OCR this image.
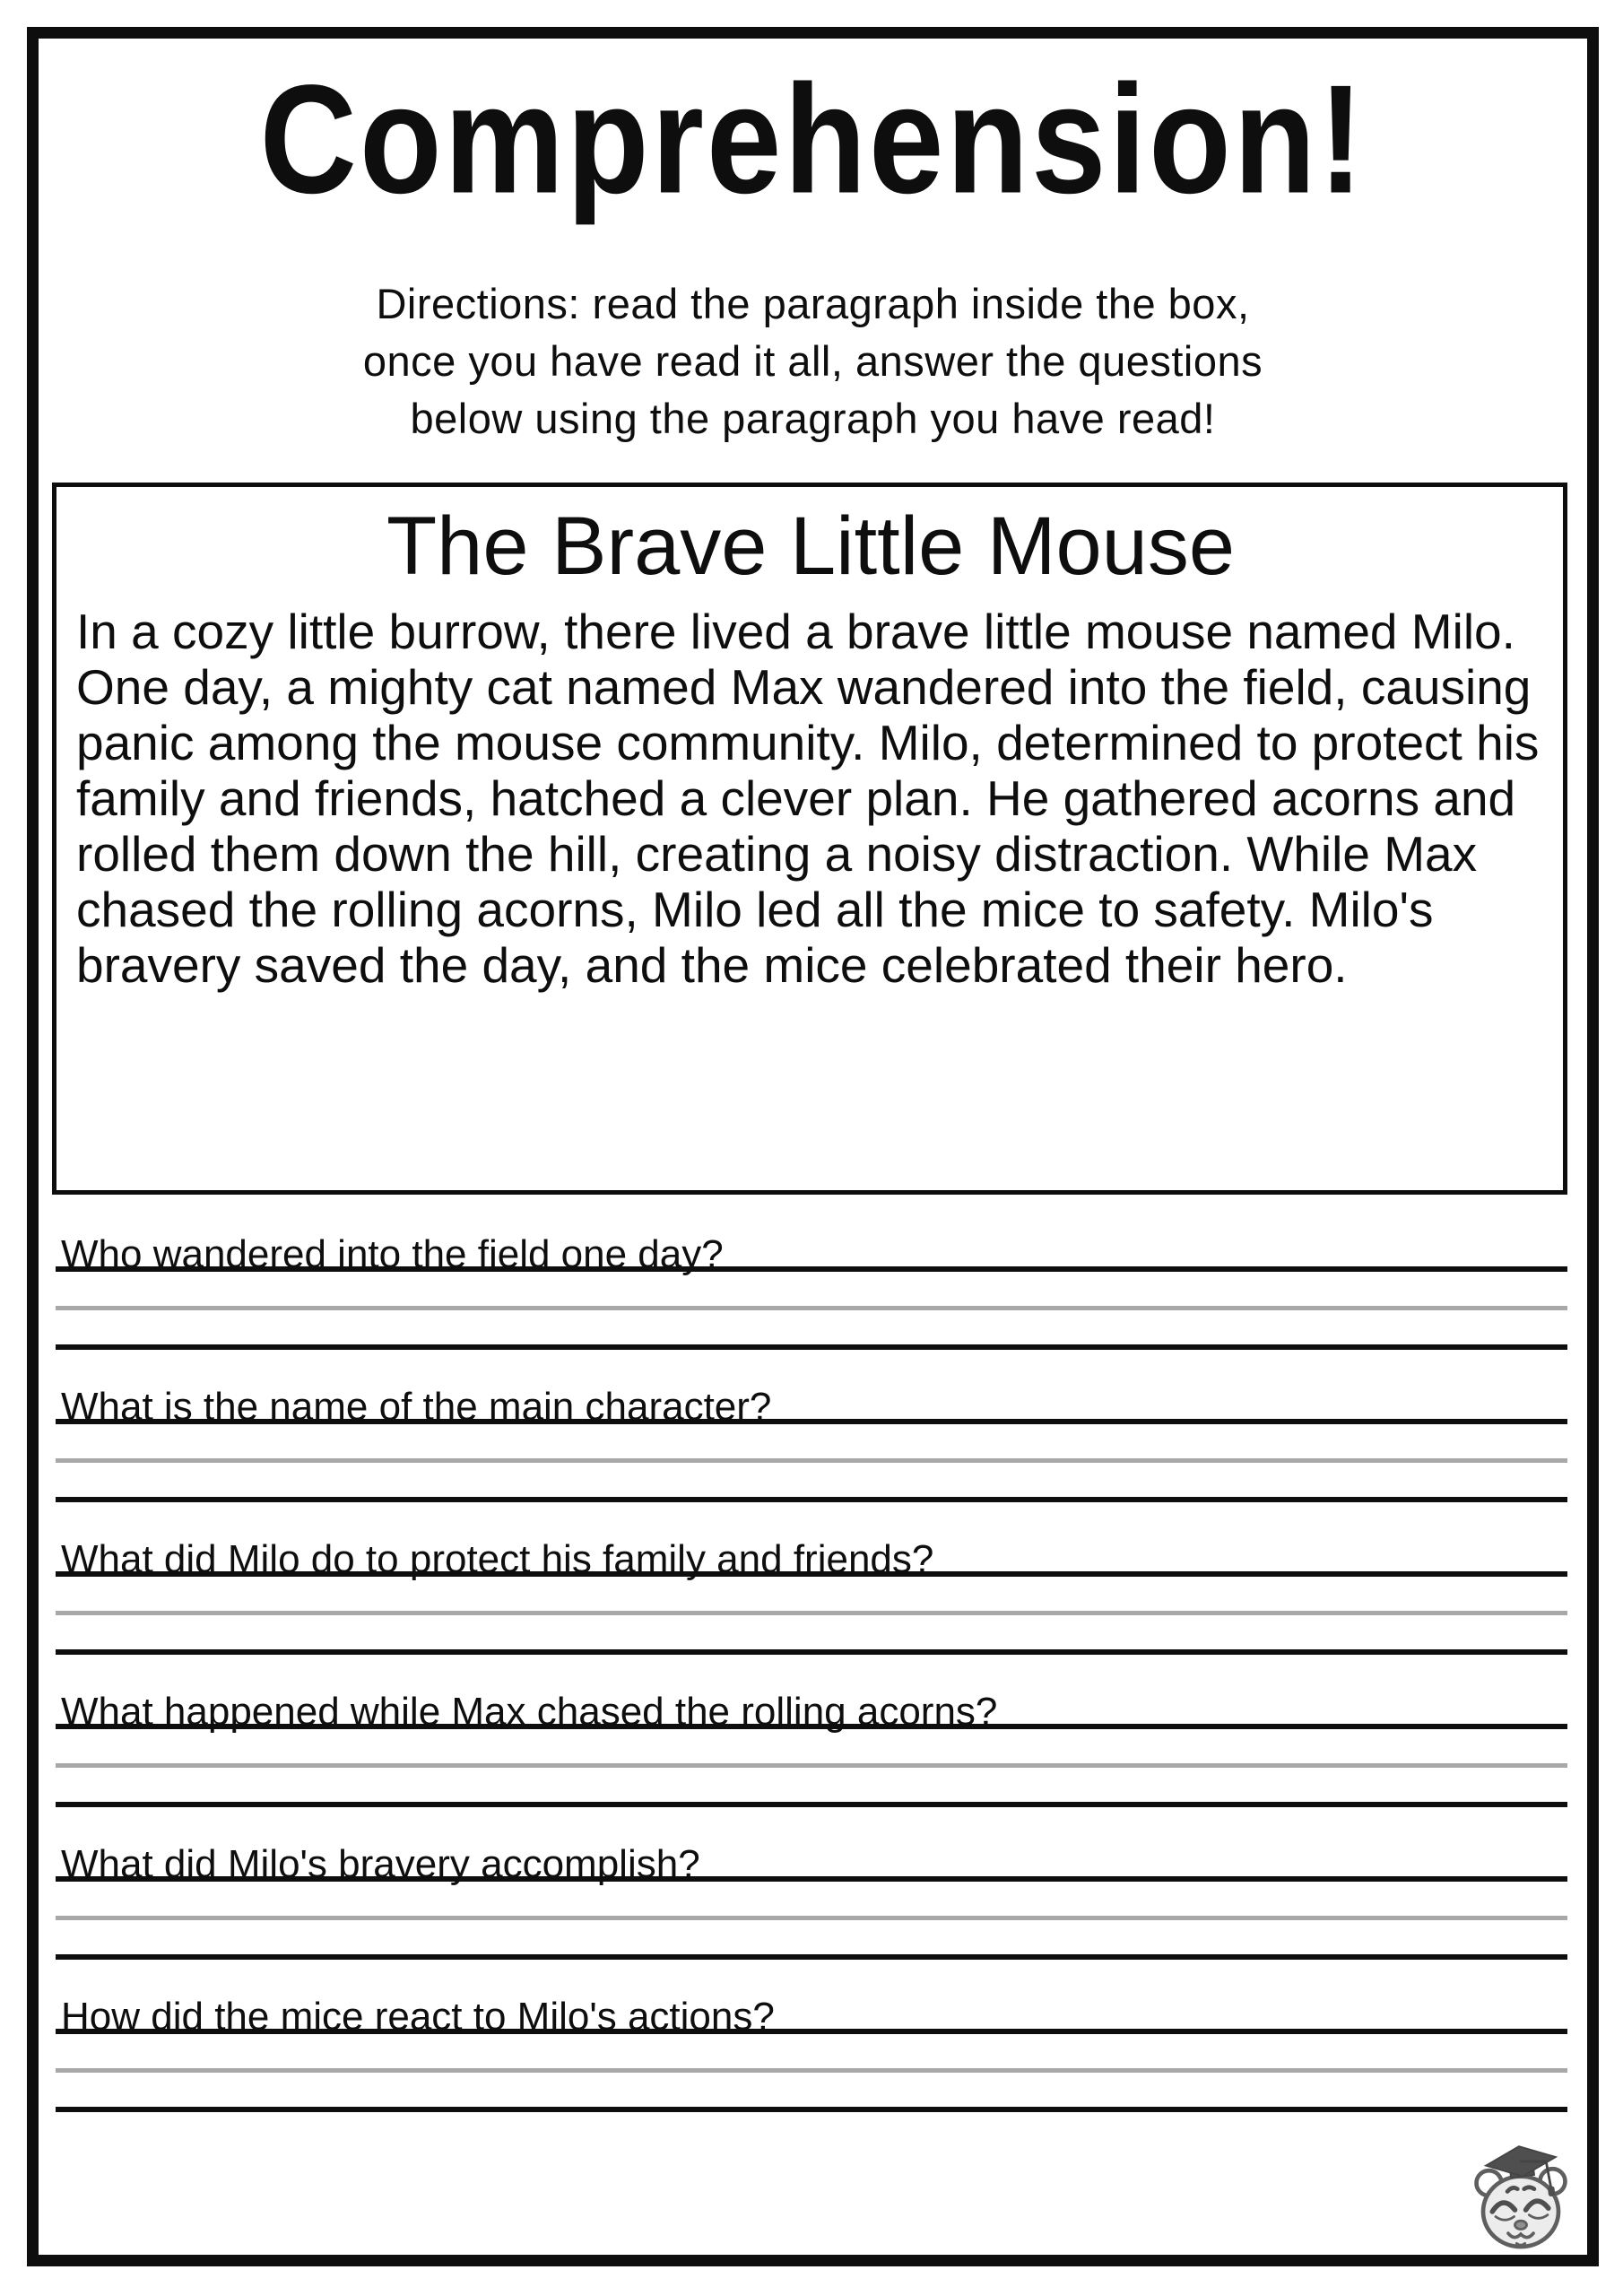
Comprehension!
Directions: read the paragraph inside the box,
once you have read it all, answer the questions
below using the paragraph you have read!
The Brave Little Mouse
In a cozy little burrow, there lived a brave little mouse named Milo. One day, a mighty cat named Max wandered into the field, causing panic among the mouse community. Milo, determined to protect his family and friends, hatched a clever plan. He gathered acorns and rolled them down the hill, creating a noisy distraction. While Max chased the rolling acorns, Milo led all the mice to safety. Milo's bravery saved the day, and the mice celebrated their hero.
Who wandered into the field one day?
What is the name of the main character?
What did Milo do to protect his family and friends?
What happened while Max chased the rolling acorns?
What did Milo's bravery accomplish?
How did the mice react to Milo's actions?
